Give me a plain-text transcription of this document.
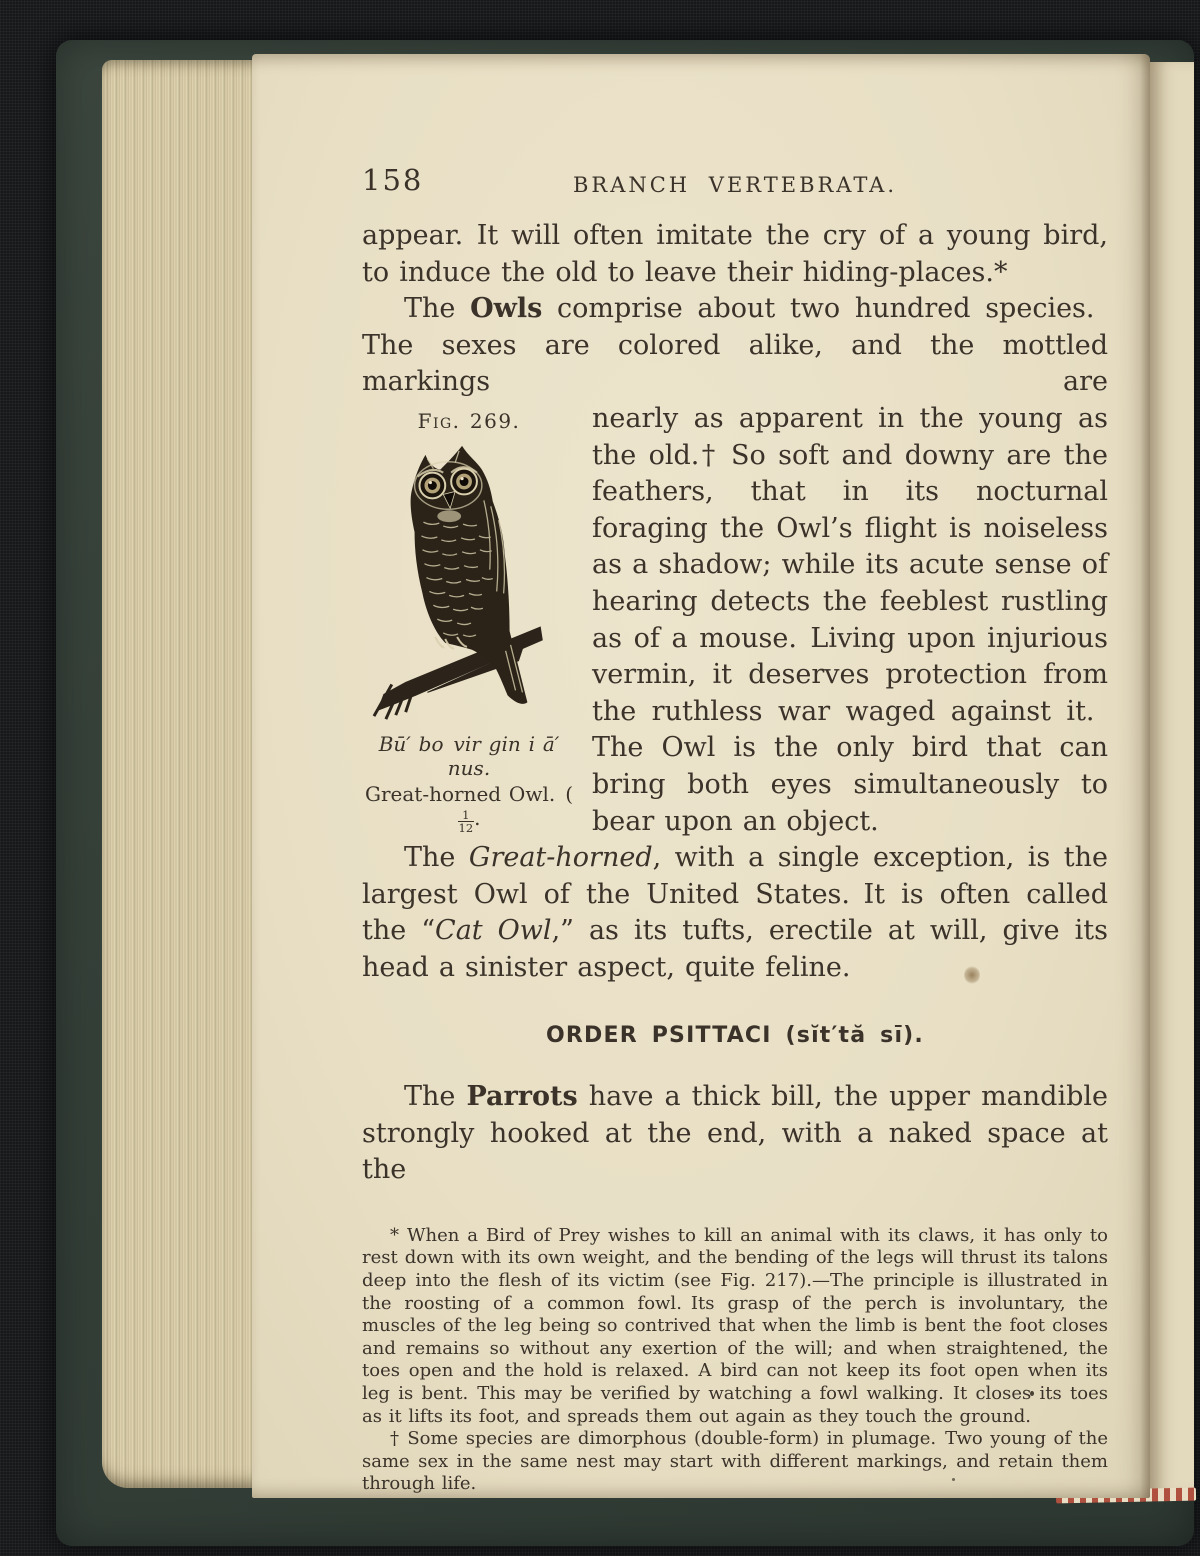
158	BRANCH VERTEBRATA.

appear. It will often imitate the cry of a young bird, to induce the old to leave their hiding-places.*

The Owls comprise about two hundred species. The sexes are colored alike, and the mottled markings are

Fig. 269.
Bū′ bo vir gin i ā′ nus.
Great-horned Owl. (
$\frac{1}{12}$ .

nearly as apparent in the young as the old.† So soft and downy are the feathers, that in its nocturnal foraging the Owl’s flight is noiseless as a shadow; while its acute sense of hearing detects the feeblest rustling as of a mouse. Living upon injurious vermin, it deserves protection from the ruthless war waged against it. The Owl is the only bird that can bring both eyes simultaneously to bear upon an object.

The Great-horned, with a single exception, is the largest Owl of the United States. It is often called the “Cat Owl,” as its tufts, erectile at will, give its head a sinister aspect, quite feline.

ORDER PSITTACI (sĭt′tă sī).

The Parrots have a thick bill, the upper mandible strongly hooked at the end, with a naked space at the

* When a Bird of Prey wishes to kill an animal with its claws, it has only to rest down with its own weight, and the bending of the legs will thrust its talons deep into the flesh of its victim (see Fig. 217).—The principle is illustrated in the roosting of a common fowl. Its grasp of the perch is involuntary, the muscles of the leg being so contrived that when the limb is bent the foot closes and remains so without any exertion of the will; and when straightened, the toes open and the hold is relaxed. A bird can not keep its foot open when its leg is bent. This may be verified by watching a fowl walking. It closes its toes as it lifts its foot, and spreads them out again as they touch the ground.

† Some species are dimorphous (double-form) in plumage. Two young of the same sex in the same nest may start with different markings, and retain them through life.
